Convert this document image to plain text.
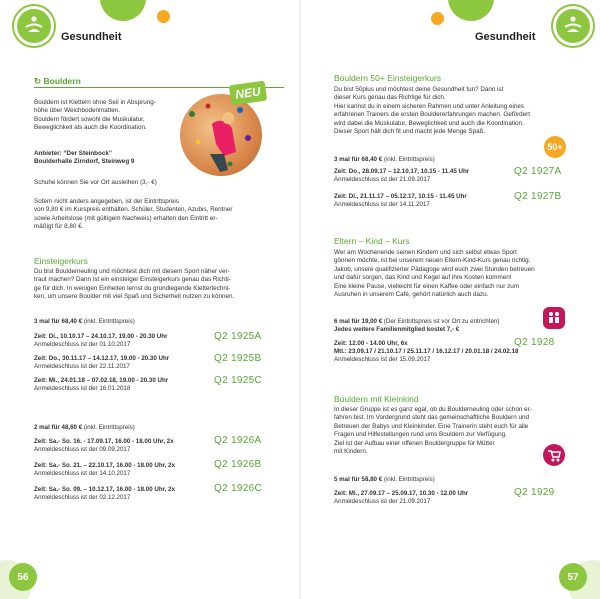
Gesundheit
↻ Bouldern
Bouldern ist Klettern ohne Seil in Absprung-
höhe über Weichbodenmatten.
Bouldern fördert sowohl die Muskulatur,
Beweglichkeit als auch die Koordination.
Anbieter: “Der Steinbock”
Boulderhalle Zirndorf, Steinweg 9
Schuhe können Sie vor Ort ausleihen (3,- €)
NEU
Sofern nicht anders angegeben, ist der Eintrittspreis
von 9,80 € im Kurspreis enthalten. Schüler, Studenten, Azubis, Rentner
sowie Arbeitslose (mit gültigem Nachweis) erhalten den Eintritt er-
mäßigt für 8,80 €.
Einsteigerkurs
Du bist Boulderneuling und möchtest dich mit diesem Sport näher ver-
traut machen? Dann ist ein einsteiger Einsteigerkurs genau das Richti-
ge für dich. In wenigen Einheiten lernst du grundlegende Klettertechni-
ken, um unsere Boulder mit viel Spaß und Sicherheit nutzen zu können.
3 mal für 68,40 € (inkl. Eintrittspreis)
Zeit: Di., 10.10.17 – 24.10.17, 19.00 - 20.30 Uhr
Anmeldeschluss ist der 01.10.2017
Q2 1925A
Zeit: Do., 30.11.17 – 14.12.17, 19.00 - 20.30 Uhr
Anmeldeschluss ist der 22.11.2017
Q2 1925B
Zeit: Mi., 24.01.18 – 07.02.18, 19.00 - 20.30 Uhr
Anmeldeschluss ist der 16.01.2018
Q2 1925C
2 mal für 48,60 € (inkl. Eintrittspreis)
Zeit: Sa.- So. 16. - 17.09.17, 16.00 - 18.00 Uhr, 2x
Anmeldeschluss ist der 09.09.2017
Q2 1926A
Zeit: Sa.- So. 21. – 22.10.17, 16.00 - 18.00 Uhr, 2x
Anmeldeschluss ist der 14.10.2017
Q2 1926B
Zeit: Sa.- So. 09. – 10.12.17, 16.00 - 18.00 Uhr, 2x
Anmeldeschluss ist der 02.12.2017
Q2 1926C
56
Gesundheit
Bouldern 50+ Einsteigerkurs
Du bist 50plus und möchtest deine Gesundheit tun? Dann ist
dieser Kurs genau das Richtige für dich.
Hier kannst du in einem sicheren Rahmen und unter Anleitung eines
erfahrenen Trainers die ersten Bouldererfahrungen machen. Gefördert
wird dabei die Muskulatur, Beweglichkeit und auch die Koordination.
Dieser Sport hält dich fit und macht jede Menge Spaß.
50+
3 mal für 68,40 € (inkl. Eintrittspreis)
Zeit: Do., 28.09.17 – 12.10.17, 10.15 - 11.45 Uhr
Anmeldeschluss ist der 21.09.2017
Q2 1927A
Zeit: Di., 21.11.17 – 05.12.17, 10.15 - 11.45 Uhr
Anmeldeschluss ist der 14.11.2017
Q2 1927B
Eltern – Kind – Kurs
Wer am Wochenende seinen Kindern und sich selbst etwas Sport
gönnen möchte, ist bei unserem neuen Eltern-Kind-Kurs genau richtig.
Jakob, unsere qualifizierter Pädagoge wird euch zwei Stunden betreuen
und dafür sorgen, das Kind und Kegel auf ihre Kosten kommen!
Eine kleine Pause, vielleicht für einen Kaffee oder einfach nur zum
Ausruhen in unserem Café, gehört natürlich auch dazu.
6 mal für 19,00 € (Der Eintrittspreis ist vor Ort zu entrichten)
Jedes weitere Familienmitglied kostet 7,- €
Zeit: 12.00 - 14.00 Uhr, 6x
Mtl.: 23.09.17 / 21.10.17 / 25.11.17 / 16.12.17 / 20.01.18 / 24.02.18
Anmeldeschluss ist der 15.09.2017
Q2 1928
Bouldern mit Kleinkind
In dieser Gruppe ist es ganz egal, ob du Boulderneuling oder schon er-
fahren bist. Im Vordergrund steht das gemeinschaftliche Bouldern und
Betreuen der Babys und Kleinkinder. Eine Trainerin steht euch für alle
Fragen und Hilfestellungen rund ums Bouldern zur Verfügung.
Ziel ist der Aufbau einer offenen Bouldergruppe für Mütter
mit Kindern.
5 mal für 58,80 € (inkl. Eintrittspreis)
Zeit: Mi., 27.09.17 – 25.09.17, 10.30 - 12.00 Uhr
Anmeldeschluss ist der 21.09.2017
Q2 1929
57
